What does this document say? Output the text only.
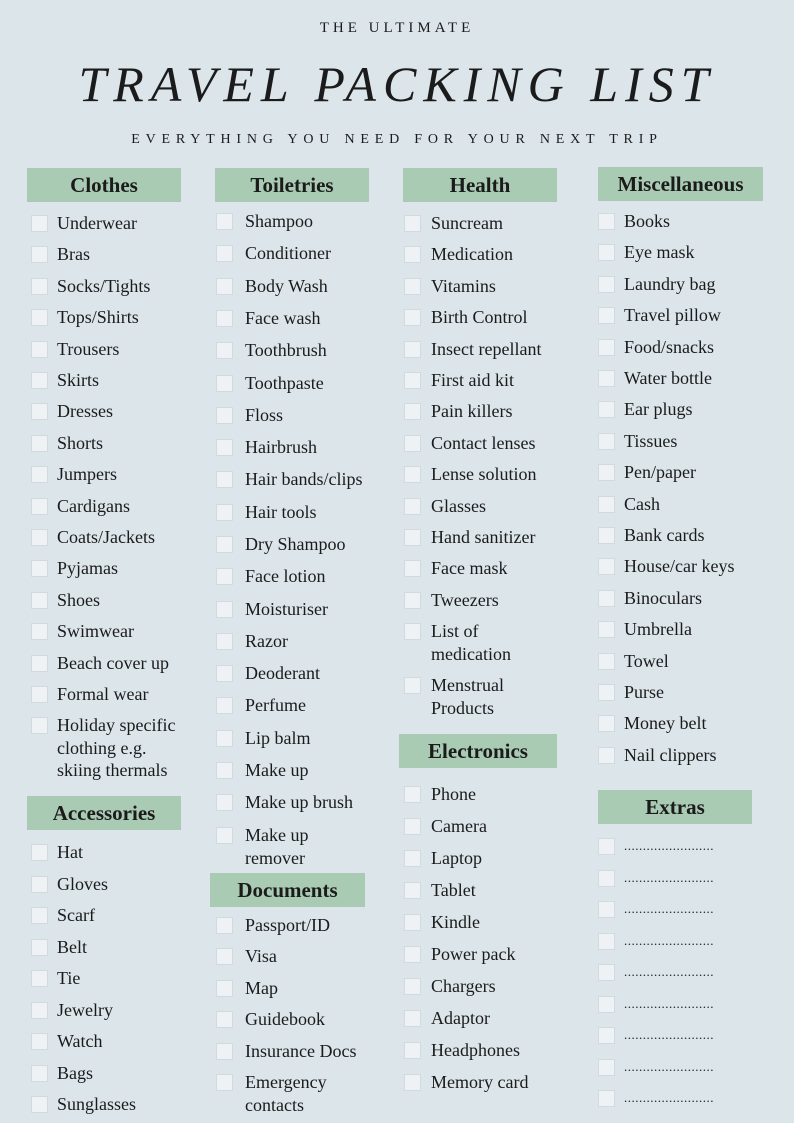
THE ULTIMATE
TRAVEL PACKING LIST
EVERYTHING YOU NEED FOR YOUR NEXT TRIP
Clothes
Underwear
Bras
Socks/Tights
Tops/Shirts
Trousers
Skirts
Dresses
Shorts
Jumpers
Cardigans
Coats/Jackets
Pyjamas
Shoes
Swimwear
Beach cover up
Formal wear
Holiday specific
clothing e.g.
skiing thermals
Accessories
Hat
Gloves
Scarf
Belt
Tie
Jewelry
Watch
Bags
Sunglasses
Toiletries
Shampoo
Conditioner
Body Wash
Face wash
Toothbrush
Toothpaste
Floss
Hairbrush
Hair bands/clips
Hair tools
Dry Shampoo
Face lotion
Moisturiser
Razor
Deoderant
Perfume
Lip balm
Make up
Make up brush
Make up
remover
Documents
Passport/ID
Visa
Map
Guidebook
Insurance Docs
Emergency
contacts
Health
Suncream
Medication
Vitamins
Birth Control
Insect repellant
First aid kit
Pain killers
Contact lenses
Lense solution
Glasses
Hand sanitizer
Face mask
Tweezers
List of
medication
Menstrual
Products
Electronics
Phone
Camera
Laptop
Tablet
Kindle
Power pack
Chargers
Adaptor
Headphones
Memory card
Miscellaneous
Books
Eye mask
Laundry bag
Travel pillow
Food/snacks
Water bottle
Ear plugs
Tissues
Pen/paper
Cash
Bank cards
House/car keys
Binoculars
Umbrella
Towel
Purse
Money belt
Nail clippers
Extras
........................
........................
........................
........................
........................
........................
........................
........................
........................
